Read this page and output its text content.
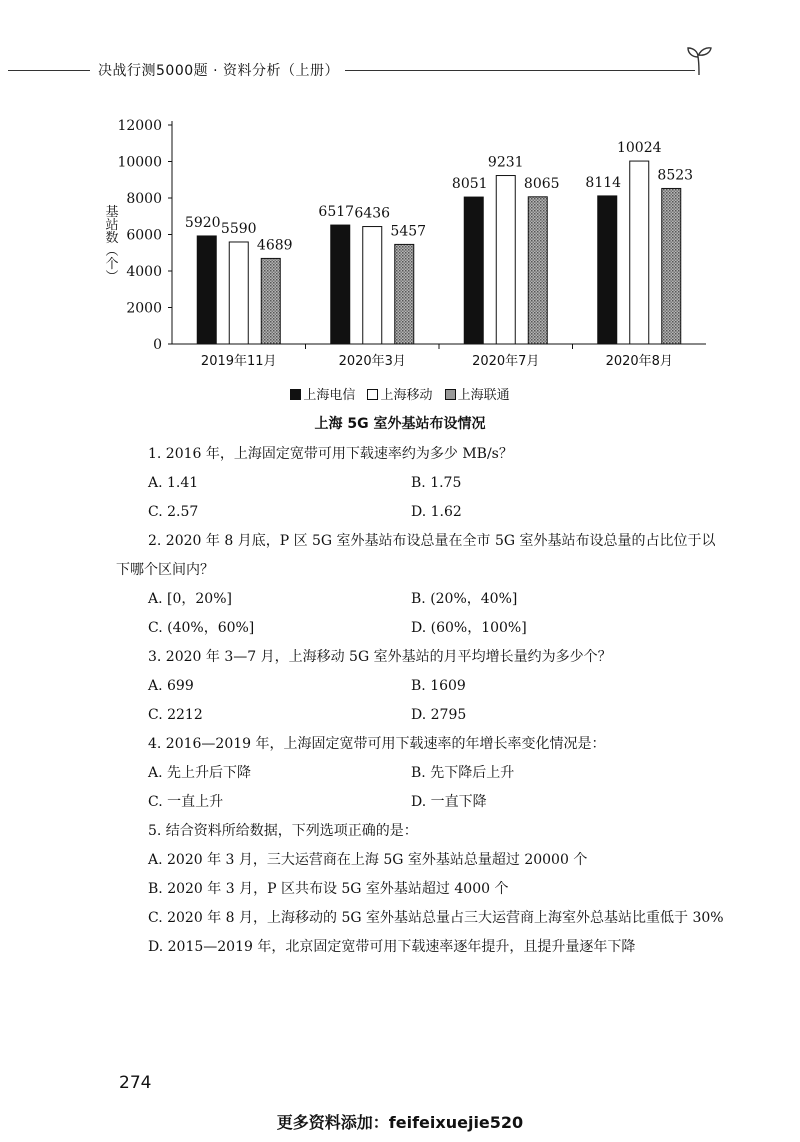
决战行测5000题 · 资料分析（上册）
基站数（个）
0
2000
4000
6000
8000
10000
12000
2019年11月
5920 5590
4689
2020年3月
6517 6436
5457
2020年7月
8051
9231
8065
2020年8月
8114
10024
8523
上海电信 上海移动 上海联通
上海 5G 室外基站布设情况

1. 2016 年，上海固定宽带可用下载速率约为多少 MB/s？

A. 1.41	B. 1.75

C. 2.57	D. 1.62

2. 2020 年 8 月底，P 区 5G 室外基站布设总量在全市 5G 室外基站布设总量的占比位于以下哪个区间内？

A. [0，20%]	B. (20%，40%]

C. (40%，60%]	D. (60%，100%]

3. 2020 年 3—7 月，上海移动 5G 室外基站的月平均增长量约为多少个？

A. 699	B. 1609

C. 2212	D. 2795

4. 2016—2019 年，上海固定宽带可用下载速率的年增长率变化情况是：

A. 先上升后下降	B. 先下降后上升

C. 一直上升	D. 一直下降

5. 结合资料所给数据，下列选项正确的是：

A. 2020 年 3 月，三大运营商在上海 5G 室外基站总量超过 20000 个

B. 2020 年 3 月，P 区共布设 5G 室外基站超过 4000 个

C. 2020 年 8 月，上海移动的 5G 室外基站总量占三大运营商上海室外总基站比重低于 30%

D. 2015—2019 年，北京固定宽带可用下载速率逐年提升，且提升量逐年下降

274
更多资料添加：feifeixuejie520
